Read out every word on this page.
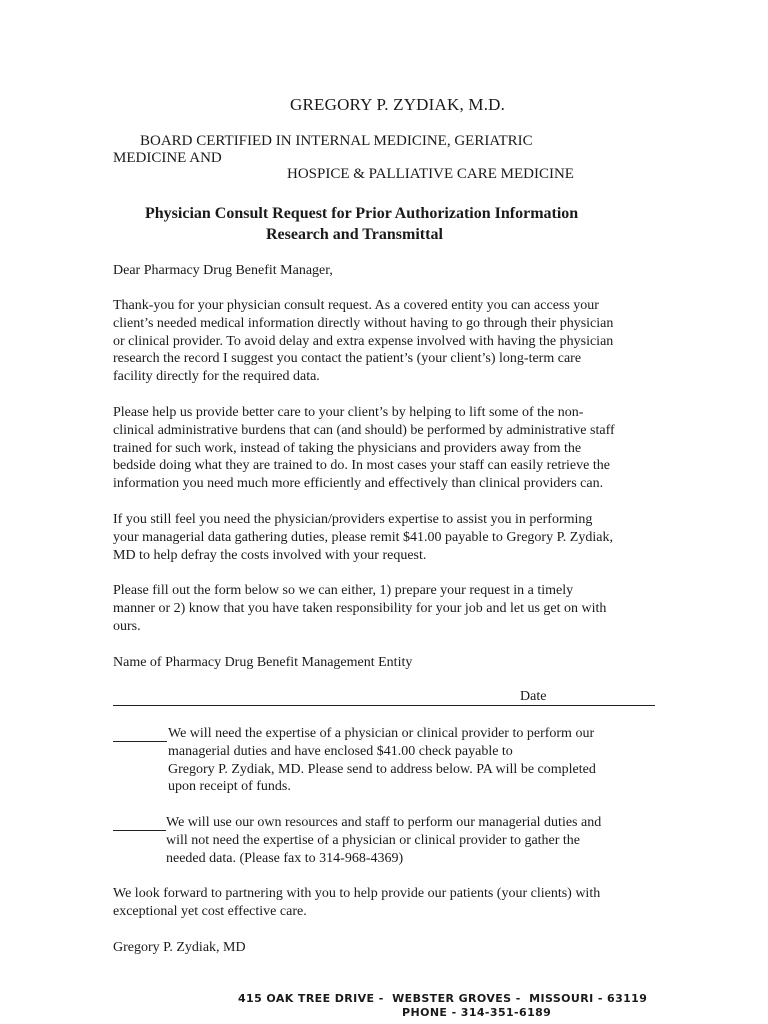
GREGORY P. ZYDIAK, M.D.
BOARD CERTIFIED IN INTERNAL MEDICINE, GERIATRIC
MEDICINE AND
HOSPICE & PALLIATIVE CARE MEDICINE
Physician Consult Request for Prior Authorization Information
Research and Transmittal
Dear Pharmacy Drug Benefit Manager,
Thank-you for your physician consult request. As a covered entity you can access your
client’s needed medical information directly without having to go through their physician
or clinical provider. To avoid delay and extra expense involved with having the physician
research the record I suggest you contact the patient’s (your client’s) long-term care
facility directly for the required data.
Please help us provide better care to your client’s by helping to lift some of the non-
clinical administrative burdens that can (and should) be performed by administrative staff
trained for such work, instead of taking the physicians and providers away from the
bedside doing what they are trained to do. In most cases your staff can easily retrieve the
information you need much more efficiently and effectively than clinical providers can.
If you still feel you need the physician/providers expertise to assist you in performing
your managerial data gathering duties, please remit $41.00 payable to Gregory P. Zydiak,
MD to help defray the costs involved with your request.
Please fill out the form below so we can either, 1) prepare your request in a timely
manner or 2) know that you have taken responsibility for your job and let us get on with
ours.
Name of Pharmacy Drug Benefit Management Entity
Date
We will need the expertise of a physician or clinical provider to perform our
managerial duties and have enclosed $41.00 check payable to
Gregory P. Zydiak, MD. Please send to address below. PA will be completed
upon receipt of funds.
We will use our own resources and staff to perform our managerial duties and
will not need the expertise of a physician or clinical provider to gather the
needed data. (Please fax to 314-968-4369)
We look forward to partnering with you to help provide our patients (your clients) with
exceptional yet cost effective care.
Gregory P. Zydiak, MD
415 OAK TREE DRIVE -  WEBSTER GROVES -  MISSOURI - 63119
PHONE - 314-351-6189
